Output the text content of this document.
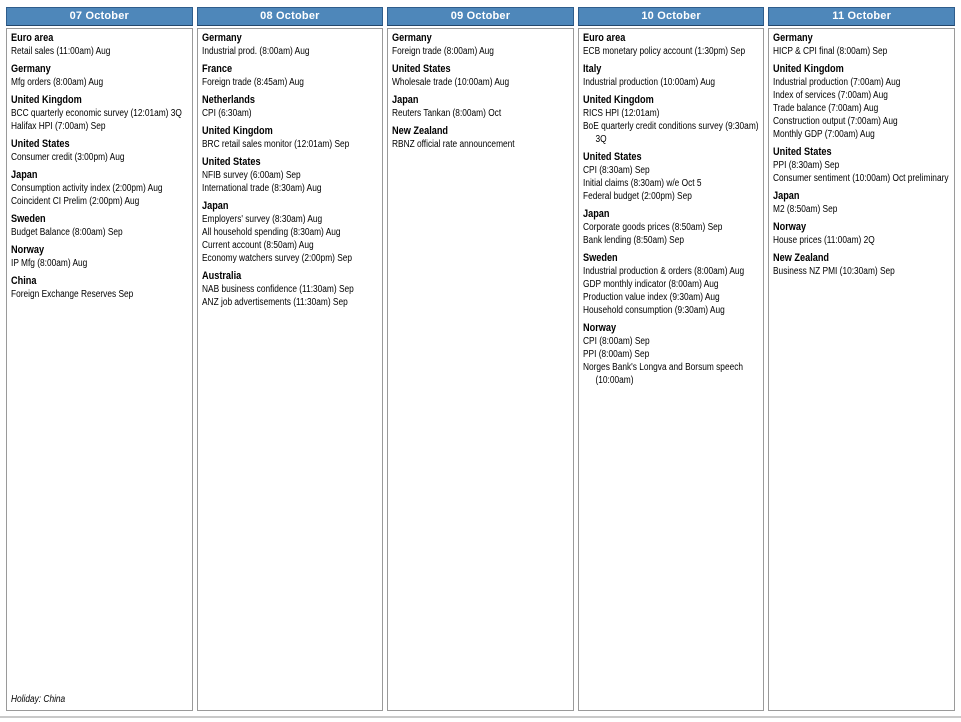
07 October
Euro area
Retail sales (11:00am) Aug
Germany
Mfg orders (8:00am) Aug
United Kingdom
BCC quarterly economic survey (12:01am) 3Q
Halifax HPI (7:00am) Sep
United States
Consumer credit (3:00pm) Aug
Japan
Consumption activity index (2:00pm) Aug
Coincident CI Prelim (2:00pm) Aug
Sweden
Budget Balance (8:00am) Sep
Norway
IP Mfg (8:00am) Aug
China
Foreign Exchange Reserves Sep
Holiday: China
08 October
Germany
Industrial prod. (8:00am) Aug
France
Foreign trade (8:45am) Aug
Netherlands
CPI (6:30am)
United Kingdom
BRC retail sales monitor (12:01am) Sep
United States
NFIB survey (6:00am) Sep
International trade (8:30am) Aug
Japan
Employers' survey (8:30am) Aug
All household spending (8:30am) Aug
Current account (8:50am) Aug
Economy watchers survey (2:00pm) Sep
Australia
NAB business confidence (11:30am) Sep
ANZ job advertisements (11:30am) Sep
09 October
Germany
Foreign trade (8:00am) Aug
United States
Wholesale trade (10:00am) Aug
Japan
Reuters Tankan (8:00am) Oct
New Zealand
RBNZ official rate announcement
10 October
Euro area
ECB monetary policy account (1:30pm) Sep
Italy
Industrial production (10:00am) Aug
United Kingdom
RICS HPI (12:01am)
BoE quarterly credit conditions survey (9:30am) 3Q
United States
CPI (8:30am) Sep
Initial claims (8:30am) w/e Oct 5
Federal budget (2:00pm) Sep
Japan
Corporate goods prices (8:50am) Sep
Bank lending (8:50am) Sep
Sweden
Industrial production & orders (8:00am) Aug
GDP monthly indicator (8:00am) Aug
Production value index (9:30am) Aug
Household consumption (9:30am) Aug
Norway
CPI (8:00am) Sep
PPI (8:00am) Sep
Norges Bank's Longva and Borsum speech (10:00am)
11 October
Germany
HICP & CPI final (8:00am) Sep
United Kingdom
Industrial production (7:00am) Aug
Index of services (7:00am) Aug
Trade balance (7:00am) Aug
Construction output (7:00am) Aug
Monthly GDP (7:00am) Aug
United States
PPI (8:30am) Sep
Consumer sentiment (10:00am) Oct preliminary
Japan
M2 (8:50am) Sep
Norway
House prices (11:00am) 2Q
New Zealand
Business NZ PMI (10:30am) Sep
